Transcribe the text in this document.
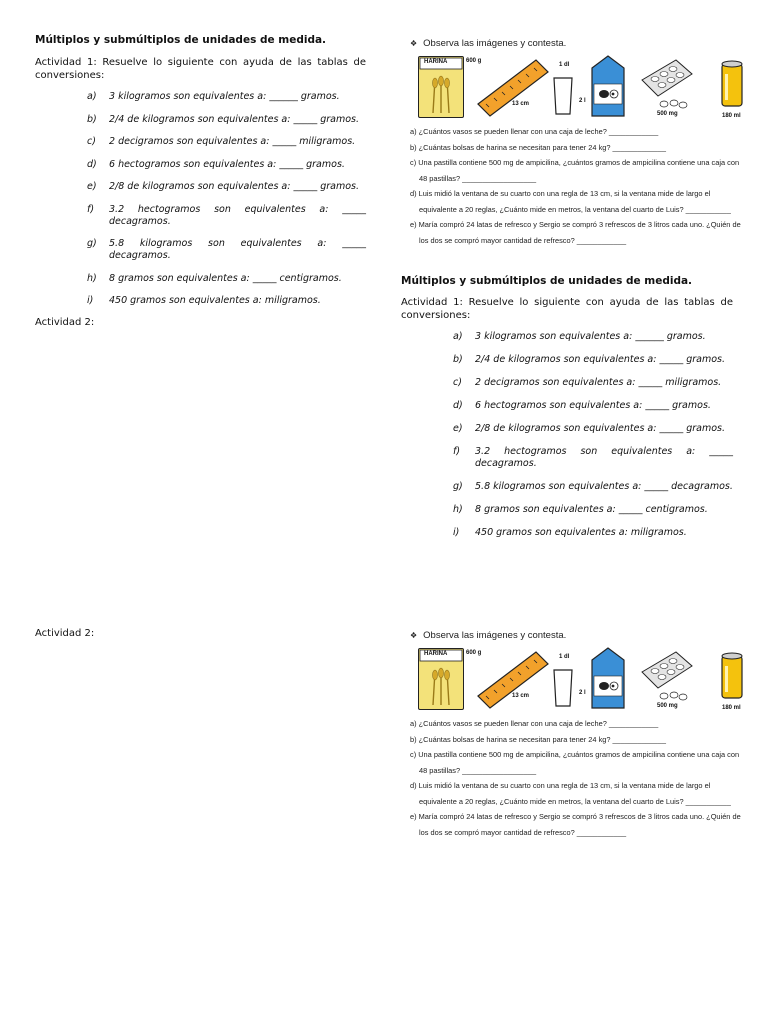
Múltiplos y submúltiplos de unidades de medida.
Actividad 1: Resuelve lo siguiente con ayuda de las tablas de conversiones:
a)	3 kilogramos son equivalentes a: ______ gramos.
b)	2/4 de kilogramos son equivalentes a: _____ gramos.
c)	2 decigramos son equivalentes a: _____ miligramos.
d)	6 hectogramos son equivalentes a: _____ gramos.
e)	2/8 de kilogramos son equivalentes a: _____ gramos.
f)	3.2 hectogramos son equivalentes a: _____ decagramos.
g)	5.8 kilogramos son equivalentes a: _____ decagramos.
h)	8 gramos son equivalentes a: _____ centigramos.
i)	450 gramos son equivalentes a: miligramos.
Actividad 2:
Actividad 2:
Múltiplos y submúltiplos de unidades de medida.
Actividad 1: Resuelve lo siguiente con ayuda de las tablas de conversiones:
a)	3 kilogramos son equivalentes a: ______ gramos.
b)	2/4 de kilogramos son equivalentes a: _____ gramos.
c)	2 decigramos son equivalentes a: _____ miligramos.
d)	6 hectogramos son equivalentes a: _____ gramos.
e)	2/8 de kilogramos son equivalentes a: _____ gramos.
f)	3.2 hectogramos son equivalentes a: _____ decagramos.
g)	5.8 kilogramos son equivalentes a: _____ decagramos.
h)	8 gramos son equivalentes a: _____ centigramos.
i)	450 gramos son equivalentes a: miligramos.
❖ Observa las imágenes y contesta.
HARINA	600 g
13 cm
1 dl
2 l
500 mg	180 ml
a) ¿Cuántos vasos se pueden llenar con una caja de leche? ____________
b) ¿Cuántas bolsas de harina se necesitan para tener 24 kg? _____________
c) Una pastilla contiene 500 mg de ampicilina, ¿cuántos gramos de ampicilina contiene una caja con
48 pastillas? __________________
d) Luis midió la ventana de su cuarto con una regla de 13 cm, si la ventana mide de largo el
equivalente a 20 reglas, ¿Cuánto mide en metros, la ventana del cuarto de Luis? ___________
e) María compró 24 latas de refresco y Sergio se compró 3 refrescos de 3 litros cada uno. ¿Quién de
los dos se compró mayor cantidad de refresco? ____________
❖ Observa las imágenes y contesta.
HARINA	600 g
13 cm
1 dl
2 l
500 mg	180 ml
a) ¿Cuántos vasos se pueden llenar con una caja de leche? ____________
b) ¿Cuántas bolsas de harina se necesitan para tener 24 kg? _____________
c) Una pastilla contiene 500 mg de ampicilina, ¿cuántos gramos de ampicilina contiene una caja con
48 pastillas? __________________
d) Luis midió la ventana de su cuarto con una regla de 13 cm, si la ventana mide de largo el
equivalente a 20 reglas, ¿Cuánto mide en metros, la ventana del cuarto de Luis? ___________
e) María compró 24 latas de refresco y Sergio se compró 3 refrescos de 3 litros cada uno. ¿Quién de
los dos se compró mayor cantidad de refresco? ____________
